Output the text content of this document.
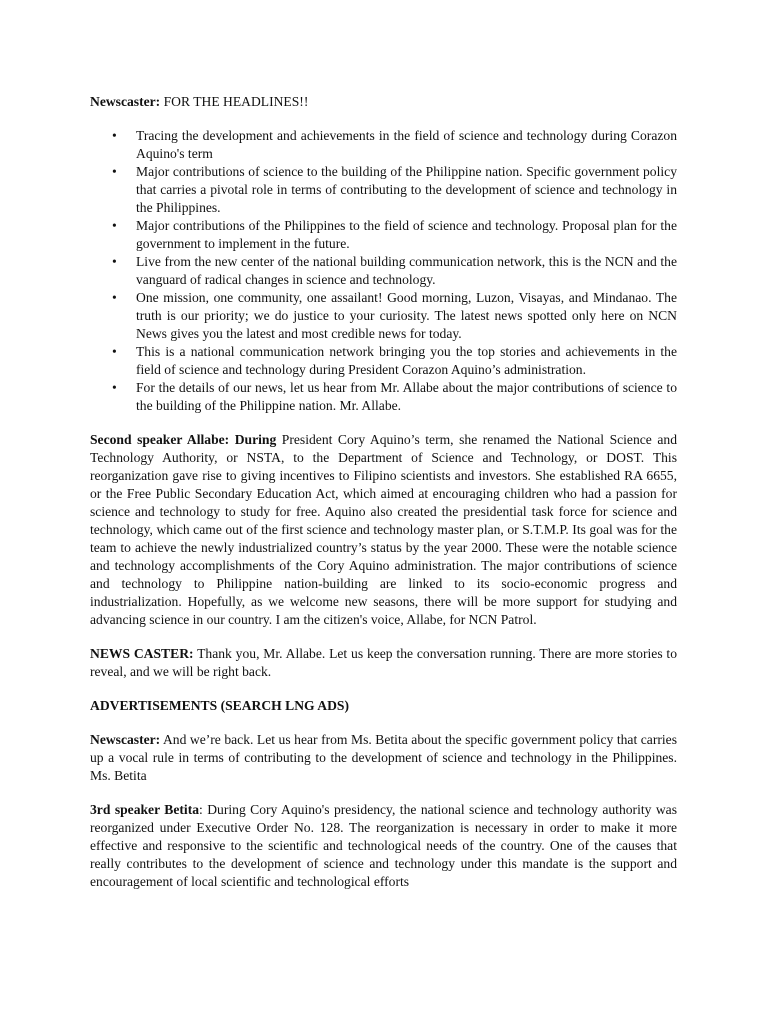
Newscaster: FOR THE HEADLINES!!

• Tracing the development and achievements in the field of science and technology during Corazon Aquino's term
• Major contributions of science to the building of the Philippine nation. Specific government policy that carries a pivotal role in terms of contributing to the development of science and technology in the Philippines.
• Major contributions of the Philippines to the field of science and technology. Proposal plan for the government to implement in the future.
• Live from the new center of the national building communication network, this is the NCN and the vanguard of radical changes in science and technology.
• One mission, one community, one assailant! Good morning, Luzon, Visayas, and Mindanao. The truth is our priority; we do justice to your curiosity. The latest news spotted only here on NCN News gives you the latest and most credible news for today.
• This is a national communication network bringing you the top stories and achievements in the field of science and technology during President Corazon Aquino’s administration.
• For the details of our news, let us hear from Mr. Allabe about the major contributions of science to the building of the Philippine nation. Mr. Allabe.

Second speaker Allabe: During President Cory Aquino’s term, she renamed the National Science and Technology Authority, or NSTA, to the Department of Science and Technology, or DOST. This reorganization gave rise to giving incentives to Filipino scientists and investors. She established RA 6655, or the Free Public Secondary Education Act, which aimed at encouraging children who had a passion for science and technology to study for free. Aquino also created the presidential task force for science and technology, which came out of the first science and technology master plan, or S.T.M.P. Its goal was for the team to achieve the newly industrialized country’s status by the year 2000. These were the notable science and technology accomplishments of the Cory Aquino administration. The major contributions of science and technology to Philippine nation-building are linked to its socio-economic progress and industrialization. Hopefully, as we welcome new seasons, there will be more support for studying and advancing science in our country. I am the citizen's voice, Allabe, for NCN Patrol.

NEWS CASTER: Thank you, Mr. Allabe. Let us keep the conversation running. There are more stories to reveal, and we will be right back.

ADVERTISEMENTS (SEARCH LNG ADS)

Newscaster: And we’re back. Let us hear from Ms. Betita about the specific government policy that carries up a vocal rule in terms of contributing to the development of science and technology in the Philippines. Ms. Betita

3rd speaker Betita: During Cory Aquino's presidency, the national science and technology authority was reorganized under Executive Order No. 128. The reorganization is necessary in order to make it more effective and responsive to the scientific and technological needs of the country. One of the causes that really contributes to the development of science and technology under this mandate is the support and encouragement of local scientific and technological efforts
